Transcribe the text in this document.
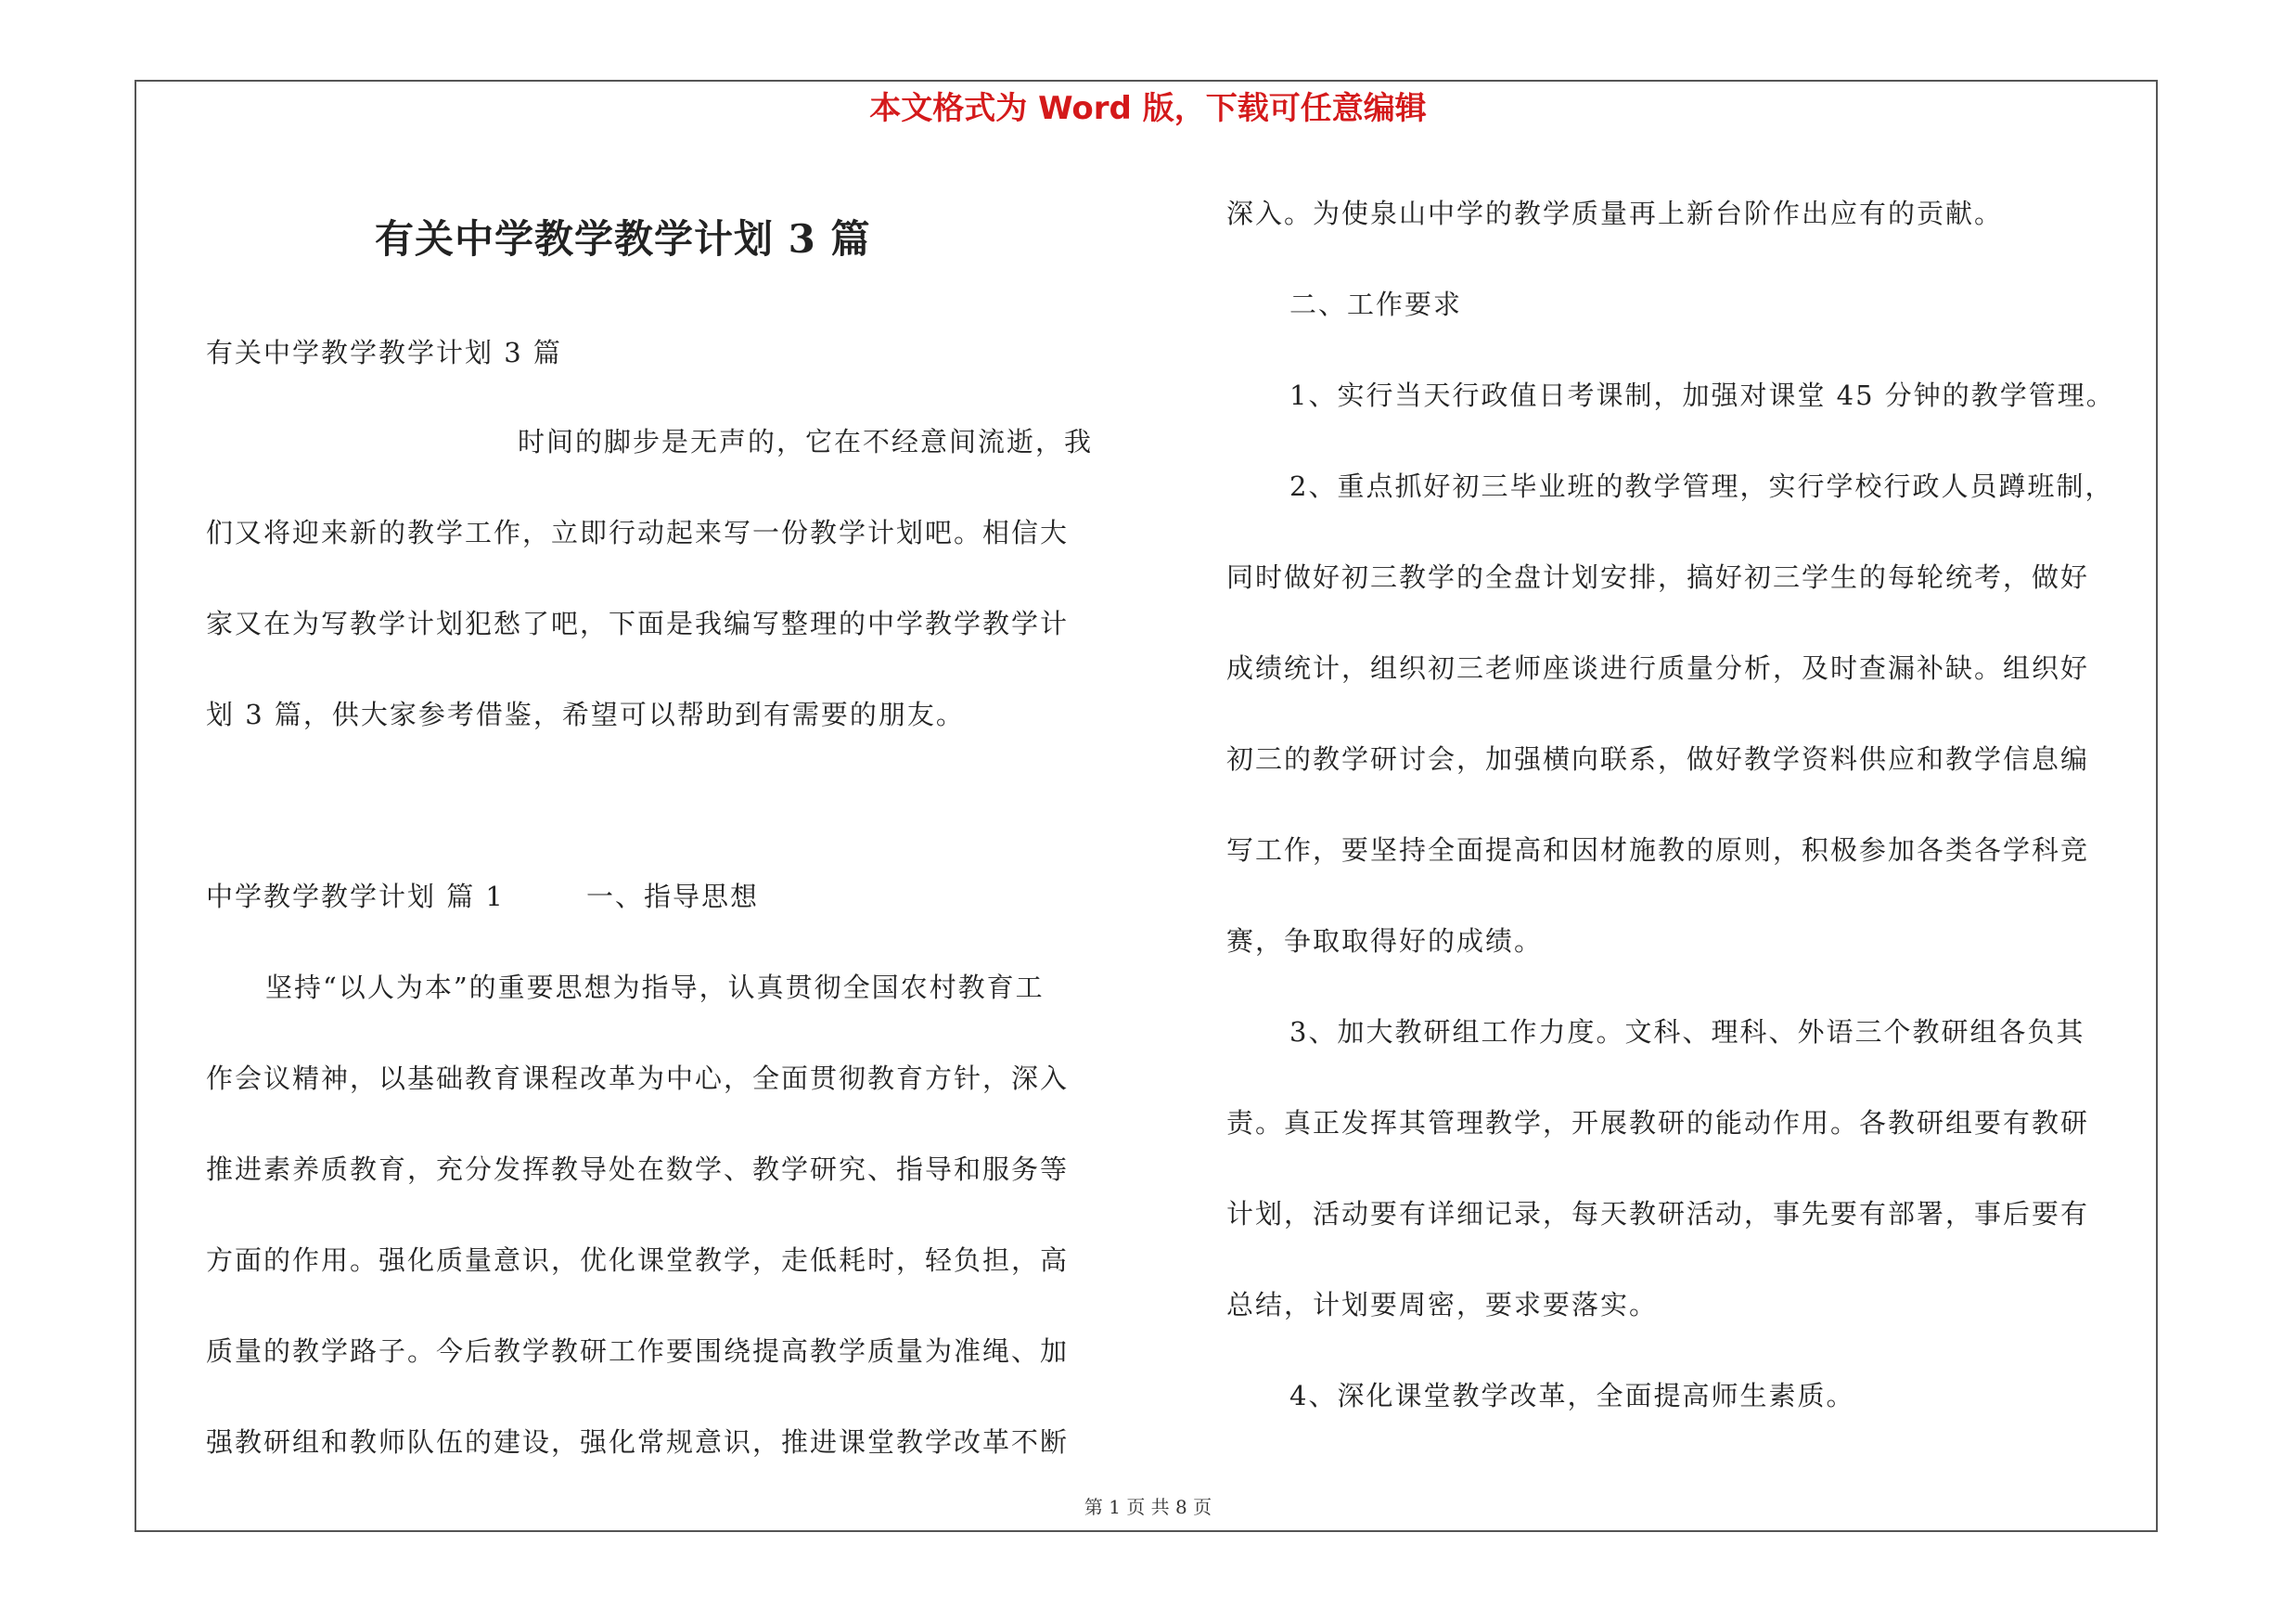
本文格式为 Word 版，下载可任意编辑
有关中学教学教学计划 3 篇

有关中学教学教学计划 3 篇

时间的脚步是无声的，它在不经意间流逝，我

们又将迎来新的教学工作，立即行动起来写一份教学计划吧。相信大

家又在为写教学计划犯愁了吧，下面是我编写整理的中学教学教学计

划 3 篇，供大家参考借鉴，希望可以帮助到有需要的朋友。

中学教学教学计划 篇 1	一、指导思想

坚持“以人为本”的重要思想为指导，认真贯彻全国农村教育工

作会议精神，以基础教育课程改革为中心，全面贯彻教育方针，深入

推进素养质教育，充分发挥教导处在数学、教学研究、指导和服务等

方面的作用。强化质量意识，优化课堂教学，走低耗时，轻负担，高

质量的教学路子。今后教学教研工作要围绕提高教学质量为准绳、加

强教研组和教师队伍的建设，强化常规意识，推进课堂教学改革不断

深入。为使泉山中学的教学质量再上新台阶作出应有的贡献。

二、工作要求

1、实行当天行政值日考课制，加强对课堂 45 分钟的教学管理。

2、重点抓好初三毕业班的教学管理，实行学校行政人员蹲班制，

同时做好初三教学的全盘计划安排，搞好初三学生的每轮统考，做好

成绩统计，组织初三老师座谈进行质量分析，及时查漏补缺。组织好

初三的教学研讨会，加强横向联系，做好教学资料供应和教学信息编

写工作，要坚持全面提高和因材施教的原则，积极参加各类各学科竞

赛，争取取得好的成绩。

3、加大教研组工作力度。文科、理科、外语三个教研组各负其

责。真正发挥其管理教学，开展教研的能动作用。各教研组要有教研

计划，活动要有详细记录，每天教研活动，事先要有部署，事后要有

总结，计划要周密，要求要落实。

4、深化课堂教学改革，全面提高师生素质。

第 1 页 共 8 页
